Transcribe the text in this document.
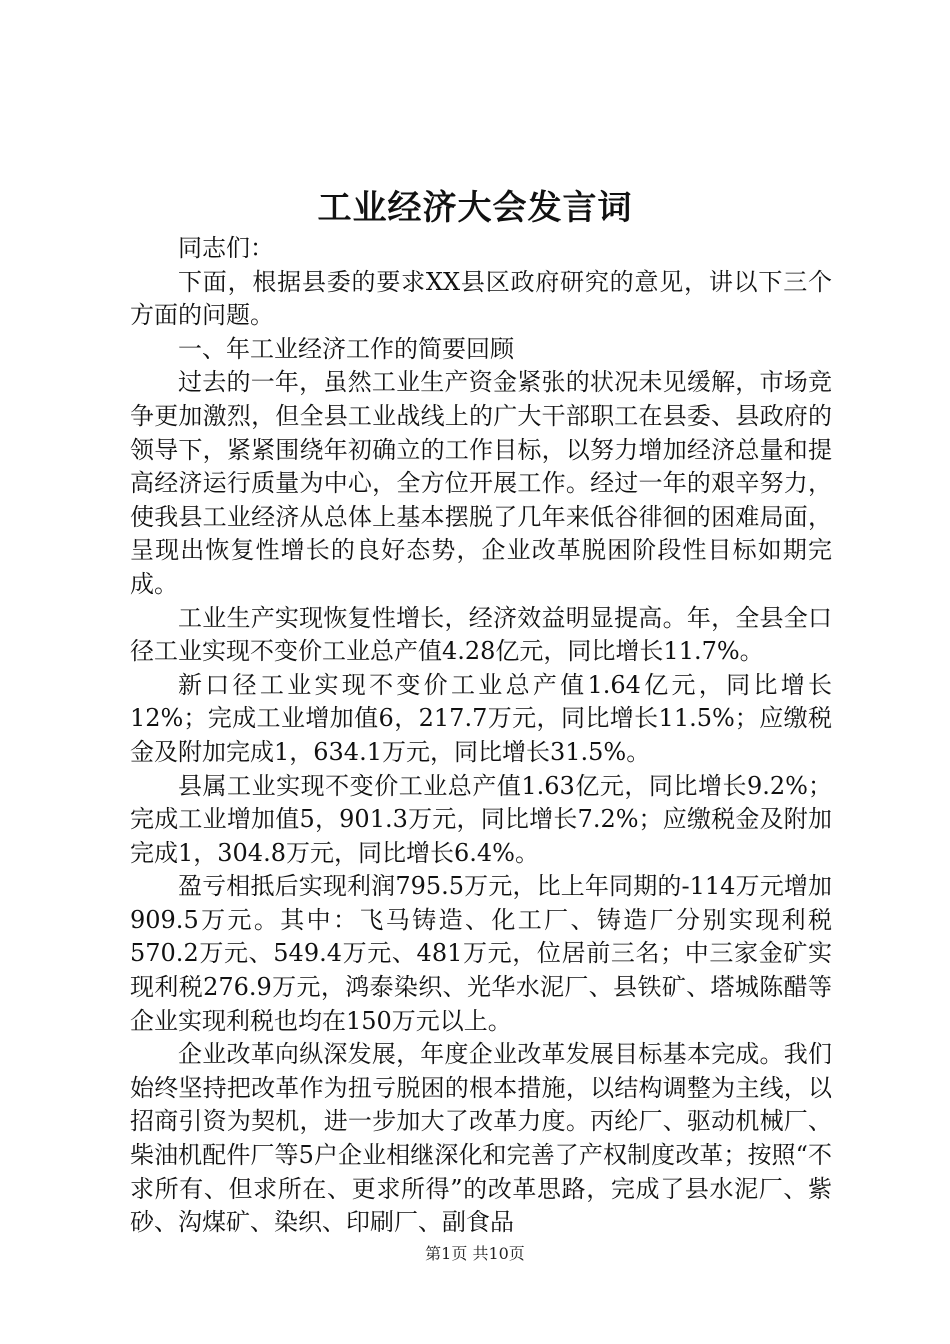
工业经济大会发言词

同志们：

下面，根据县委的要求XX县区政府研究的意见，讲以下三个方面的问题。

一、年工业经济工作的简要回顾

过去的一年，虽然工业生产资金紧张的状况未见缓解，市场竞争更加激烈，但全县工业战线上的广大干部职工在县委、县政府的领导下，紧紧围绕年初确立的工作目标，以努力增加经济总量和提高经济运行质量为中心，全方位开展工作。经过一年的艰辛努力，使我县工业经济从总体上基本摆脱了几年来低谷徘徊的困难局面，呈现出恢复性增长的良好态势，企业改革脱困阶段性目标如期完成。

工业生产实现恢复性增长，经济效益明显提高。年，全县全口径工业实现不变价工业总产值4.28亿元，同比增长11.7%。

新口径工业实现不变价工业总产值1.64亿元，同比增长12%；完成工业增加值6，217.7万元，同比增长11.5%；应缴税金及附加完成1，634.1万元，同比增长31.5%。

县属工业实现不变价工业总产值1.63亿元，同比增长9.2%；完成工业增加值5，901.3万元，同比增长7.2%；应缴税金及附加完成1，304.8万元，同比增长6.4%。

盈亏相抵后实现利润795.5万元，比上年同期的-114万元增加909.5万元。其中：飞马铸造、化工厂、铸造厂分别实现利税570.2万元、549.4万元、481万元，位居前三名；中三家金矿实现利税276.9万元，鸿泰染织、光华水泥厂、县铁矿、塔城陈醋等企业实现利税也均在150万元以上。

企业改革向纵深发展，年度企业改革发展目标基本完成。我们始终坚持把改革作为扭亏脱困的根本措施，以结构调整为主线，以招商引资为契机，进一步加大了改革力度。丙纶厂、驱动机械厂、柴油机配件厂等5户企业相继深化和完善了产权制度改革；按照“不求所有、但求所在、更求所得”的改革思路，完成了县水泥厂、紫砂、沟煤矿、染织、印刷厂、副食品

第1页 共10页
